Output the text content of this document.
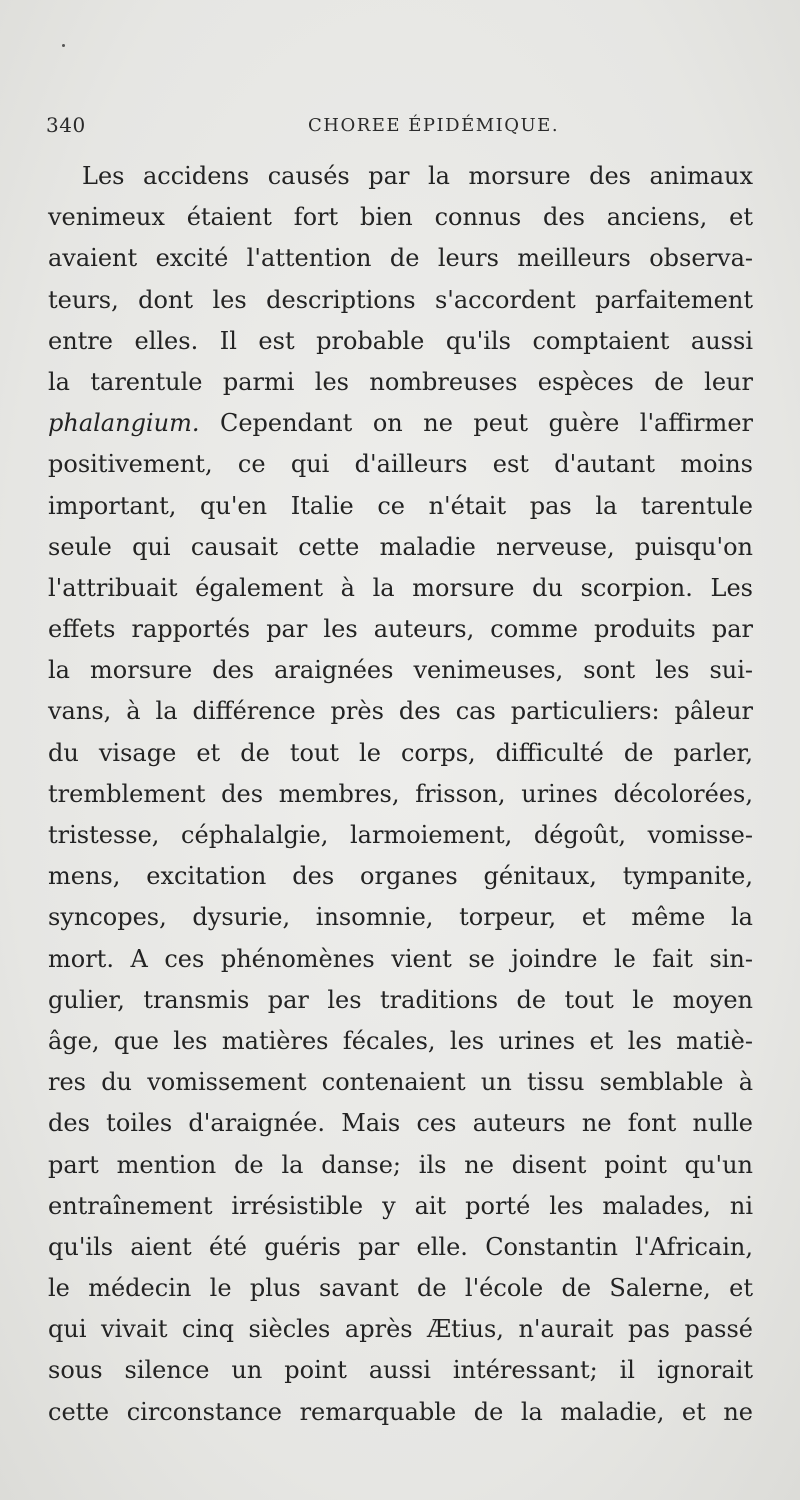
340	CHOREE ÉPIDÉMIQUE.
Les accidens causés par la morsure des animaux
venimeux étaient fort bien connus des anciens, et
avaient excité l'attention de leurs meilleurs observa-
teurs, dont les descriptions s'accordent parfaitement
entre elles. Il est probable qu'ils comptaient aussi
la tarentule parmi les nombreuses espèces de leur
phalangium. Cependant on ne peut guère l'affirmer
positivement, ce qui d'ailleurs est d'autant moins
important, qu'en Italie ce n'était pas la tarentule
seule qui causait cette maladie nerveuse, puisqu'on
l'attribuait également à la morsure du scorpion. Les
effets rapportés par les auteurs, comme produits par
la morsure des araignées venimeuses, sont les sui-
vans, à la différence près des cas particuliers: pâleur
du visage et de tout le corps, difficulté de parler,
tremblement des membres, frisson, urines décolorées,
tristesse, céphalalgie, larmoiement, dégoût, vomisse-
mens, excitation des organes génitaux, tympanite,
syncopes, dysurie, insomnie, torpeur, et même la
mort. A ces phénomènes vient se joindre le fait sin-
gulier, transmis par les traditions de tout le moyen
âge, que les matières fécales, les urines et les matiè-
res du vomissement contenaient un tissu semblable à
des toiles d'araignée. Mais ces auteurs ne font nulle
part mention de la danse; ils ne disent point qu'un
entraînement irrésistible y ait porté les malades, ni
qu'ils aient été guéris par elle. Constantin l'Africain,
le médecin le plus savant de l'école de Salerne, et
qui vivait cinq siècles après Ætius, n'aurait pas passé
sous silence un point aussi intéressant; il ignorait
cette circonstance remarquable de la maladie, et ne
